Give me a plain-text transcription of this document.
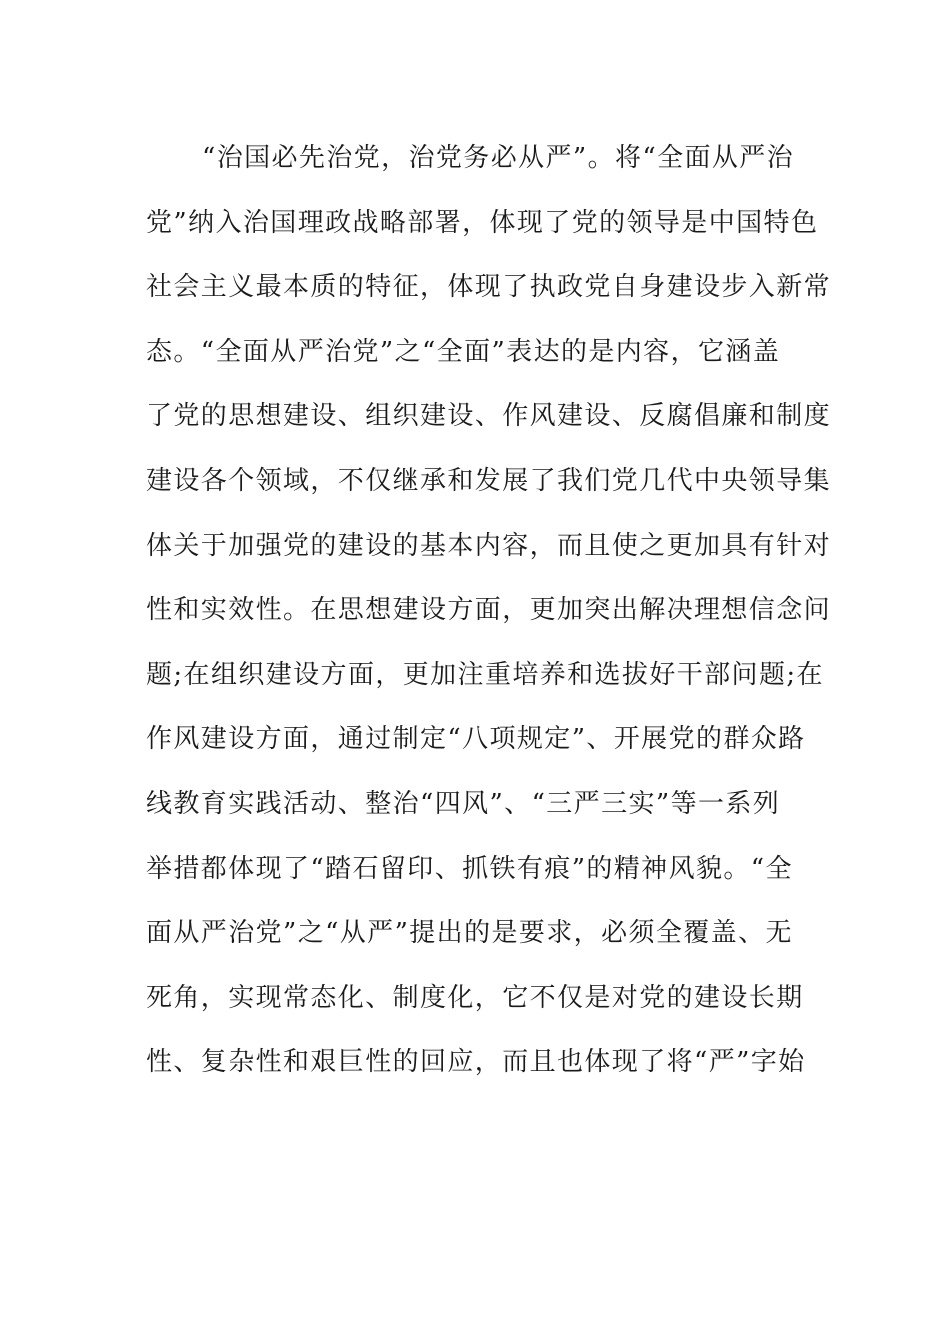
“治国必先治党，治党务必从严”。将“全面从严治
党”纳入治国理政战略部署，体现了党的领导是中国特色
社会主义最本质的特征，体现了执政党自身建设步入新常
态。“全面从严治党”之“全面”表达的是内容，它涵盖
了党的思想建设、组织建设、作风建设、反腐倡廉和制度
建设各个领域，不仅继承和发展了我们党几代中央领导集
体关于加强党的建设的基本内容，而且使之更加具有针对
性和实效性。在思想建设方面，更加突出解决理想信念问
题;在组织建设方面，更加注重培养和选拔好干部问题;在
作风建设方面，通过制定“八项规定”、开展党的群众路
线教育实践活动、整治“四风”、“三严三实”等一系列
举措都体现了“踏石留印、抓铁有痕”的精神风貌。“全
面从严治党”之“从严”提出的是要求，必须全覆盖、无
死角，实现常态化、制度化，它不仅是对党的建设长期
性、复杂性和艰巨性的回应，而且也体现了将“严”字始
